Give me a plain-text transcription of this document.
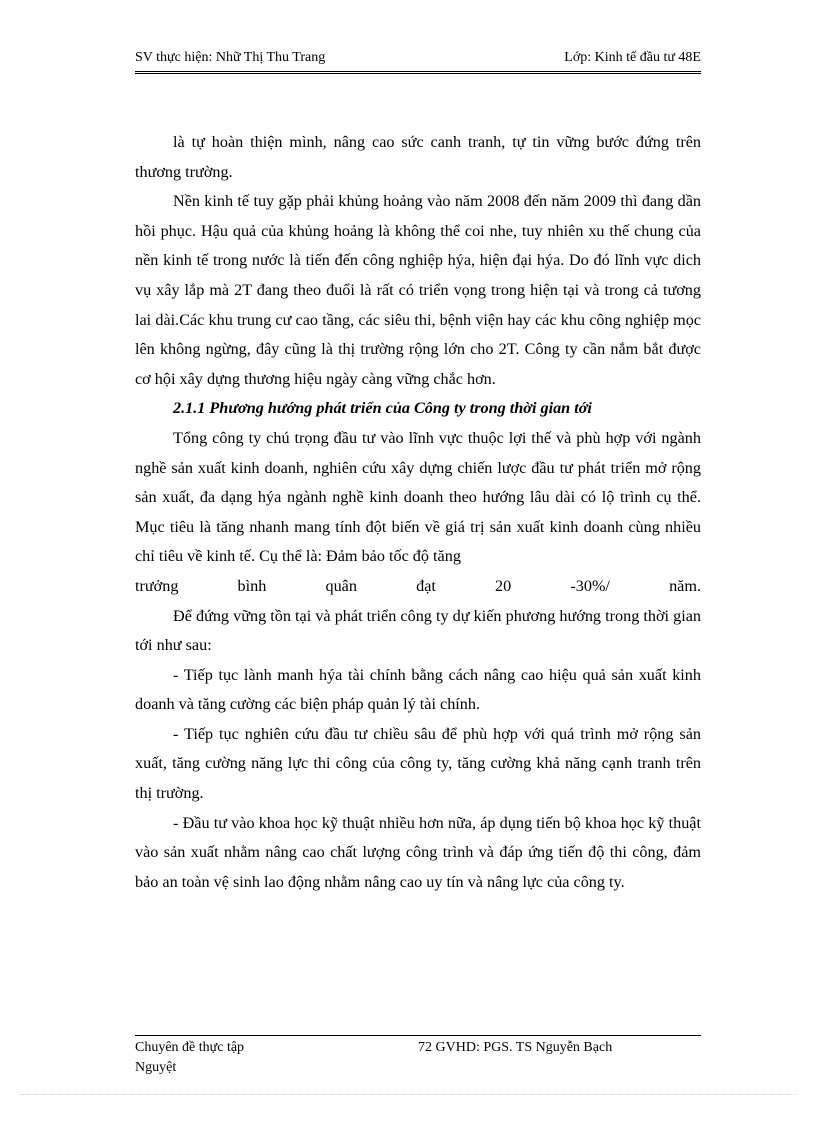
SV thực hiện: Nhữ Thị Thu Trang	Lớp: Kinh tế đầu tư 48E

là tự hoàn thiện mình, nâng cao sức canh tranh, tự tin vững bước đứng trên thương trường.

Nền kinh tế tuy gặp phải khủng hoảng vào năm 2008 đến năm 2009 thì đang dần hồi phục. Hậu quả của khủng hoảng là không thể coi nhe, tuy nhiên xu thế chung của nền kinh tế trong nước là tiến đến công nghiệp hýa, hiện đại hýa. Do đó lĩnh vực dich vụ xây lắp mà 2T đang theo đuổi là rất có triển vọng trong hiện tại và trong cả tương lai dài.Các khu trung cư cao tầng, các siêu thi, bệnh viện hay các khu công nghiệp mọc lên không ngừng, đây cũng là thị trường rộng lớn cho 2T. Công ty cần nắm bắt được cơ hội xây dựng thương hiệu ngày càng vững chắc hơn.

2.1.1 Phương hướng phát triển của Công ty trong thời gian tới

Tổng công ty chú trọng đầu tư vào lĩnh vực thuộc lợi thế và phù hợp với ngành nghề sản xuất kinh doanh, nghiên cứu xây dựng chiến lược đầu tư phát triển mở rộng sản xuất, đa dạng hýa ngành nghề kinh doanh theo hướng lâu dài có lộ trình cụ thể. Mục tiêu là tăng nhanh mang tính đột biến về giá trị sản xuất kinh doanh cùng nhiều chỉ tiêu về kinh tế. Cụ thể là: Đảm bảo tốc độ tăng

trưởng bình quân đạt 20 -30%/ năm.

Để đứng vững tồn tại và phát triển công ty dự kiến phương hướng trong thời gian tới như sau:

- Tiếp tục lành manh hýa tài chính bằng cách nâng cao hiệu quả sản xuất kinh doanh và tăng cường các biện pháp quản lý tài chính.

- Tiếp tục nghiên cứu đầu tư chiều sâu để phù hợp với quá trình mở rộng sản xuất, tăng cường năng lực thi công của công ty, tăng cường khả năng cạnh tranh trên thị trường.

- Đầu tư vào khoa học kỹ thuật nhiều hơn nữa, áp dụng tiến bộ khoa học kỹ thuật vào sản xuất nhằm nâng cao chất lượng công trình và đáp ứng tiến độ thi công, đảm bảo an toàn vệ sinh lao động nhằm nâng cao uy tín và nâng lực của công ty.

Chuyên đề thực tập	72 GVHD: PGS. TS Nguyễn Bạch
Nguyệt
